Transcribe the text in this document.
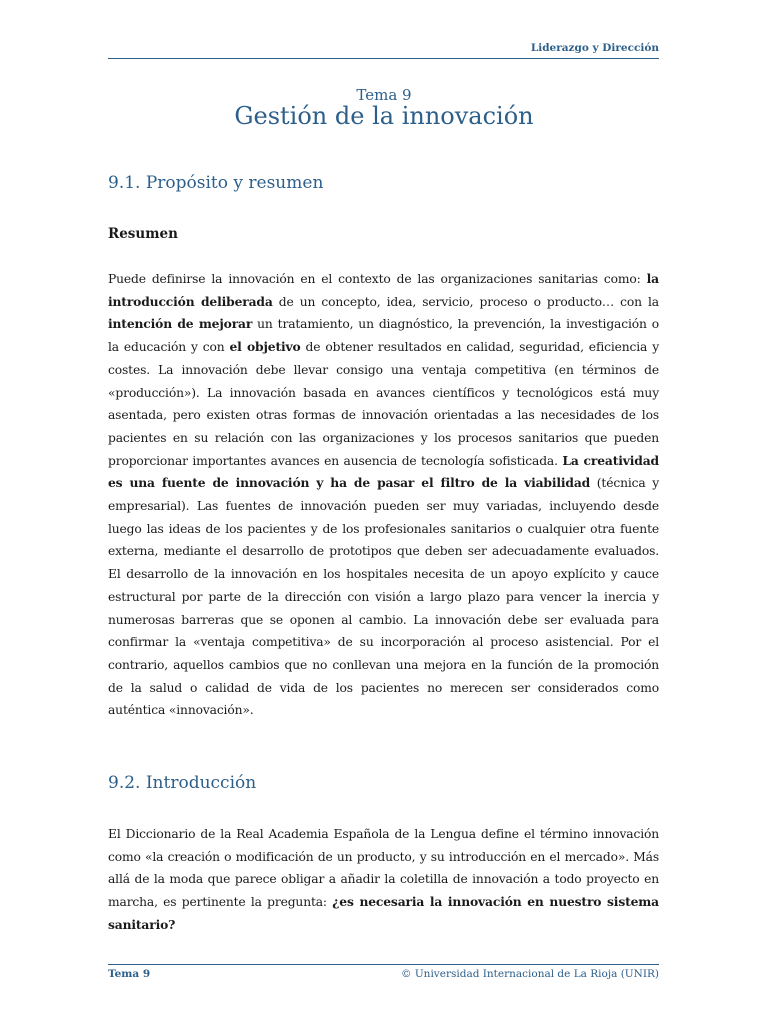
Liderazgo y Dirección
Tema 9
Gestión de la innovación
9.1. Propósito y resumen
Resumen

Puede definirse la innovación en el contexto de las organizaciones sanitarias como: la introducción deliberada de un concepto, idea, servicio, proceso o producto… con la intención de mejorar un tratamiento, un diagnóstico, la prevención, la investigación o la educación y con el objetivo de obtener resultados en calidad, seguridad, eficiencia y costes. La innovación debe llevar consigo una ventaja competitiva (en términos de «producción»). La innovación basada en avances científicos y tecnológicos está muy asentada, pero existen otras formas de innovación orientadas a las necesidades de los pacientes en su relación con las organizaciones y los procesos sanitarios que pueden proporcionar importantes avances en ausencia de tecnología sofisticada. La creatividad es una fuente de innovación y ha de pasar el filtro de la viabilidad (técnica y empresarial). Las fuentes de innovación pueden ser muy variadas, incluyendo desde luego las ideas de los pacientes y de los profesionales sanitarios o cualquier otra fuente externa, mediante el desarrollo de prototipos que deben ser adecuadamente evaluados. El desarrollo de la innovación en los hospitales necesita de un apoyo explícito y cauce estructural por parte de la dirección con visión a largo plazo para vencer la inercia y numerosas barreras que se oponen al cambio. La innovación debe ser evaluada para confirmar la «ventaja competitiva» de su incorporación al proceso asistencial. Por el contrario, aquellos cambios que no conllevan una mejora en la función de la promoción de la salud o calidad de vida de los pacientes no merecen ser considerados como auténtica «innovación».

9.2. Introducción

El Diccionario de la Real Academia Española de la Lengua define el término innovación como «la creación o modificación de un producto, y su introducción en el mercado». Más allá de la moda que parece obligar a añadir la coletilla de innovación a todo proyecto en marcha, es pertinente la pregunta: ¿es necesaria la innovación en nuestro sistema sanitario?

Tema 9	© Universidad Internacional de La Rioja (UNIR)
